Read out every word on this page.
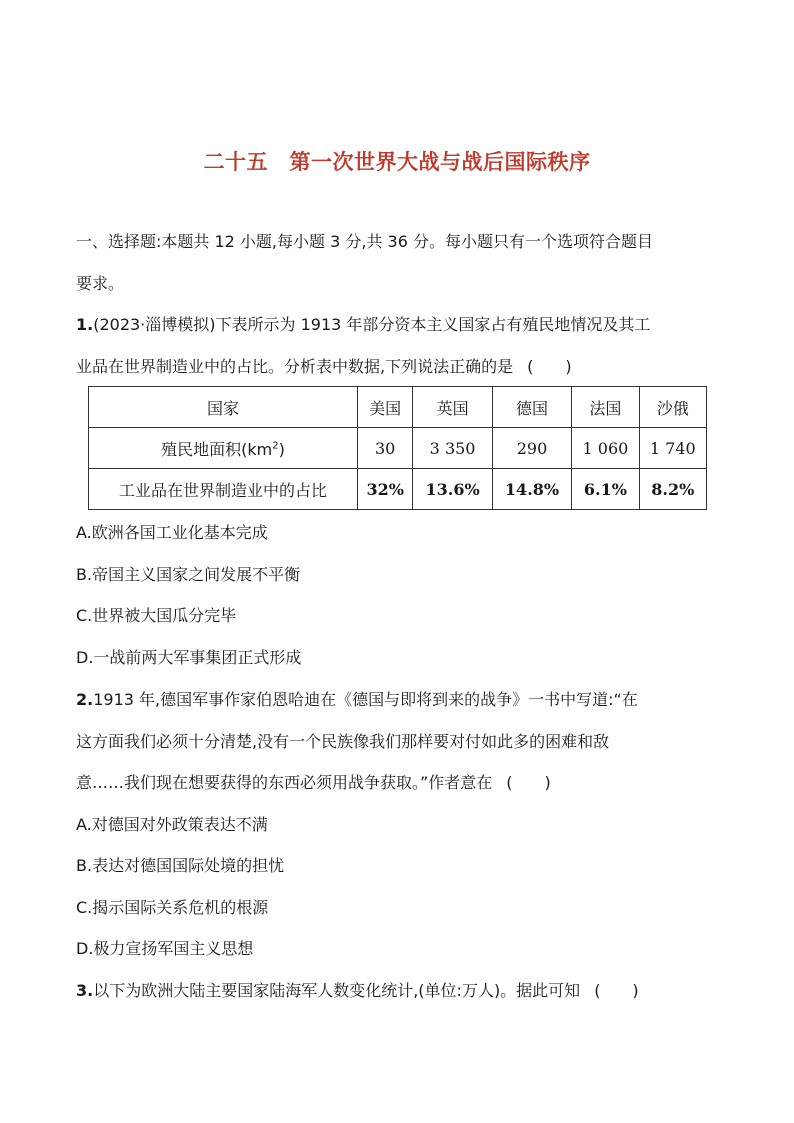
二十五　第一次世界大战与战后国际秩序
一、选择题:本题共 12 小题,每小题 3 分,共 36 分。每小题只有一个选项符合题目
要求。
1.(2023·淄博模拟)下表所示为 1913 年部分资本主义国家占有殖民地情况及其工
业品在世界制造业中的占比。分析表中数据,下列说法正确的是 (　　)
国家	美国	英国	德国	法国	沙俄
殖民地面积$(km^2)$	30	3 350	290	1 060	1 740
工业品在世界制造业中的占比	32%	13.6%	14.8%	6.1%	8.2%
A.欧洲各国工业化基本完成
B.帝国主义国家之间发展不平衡
C.世界被大国瓜分完毕
D.一战前两大军事集团正式形成
2.1913 年,德国军事作家伯恩哈迪在《德国与即将到来的战争》一书中写道:“在
这方面我们必须十分清楚,没有一个民族像我们那样要对付如此多的困难和敌
意……我们现在想要获得的东西必须用战争获取。”作者意在 (　　)
A.对德国对外政策表达不满
B.表达对德国国际处境的担忧
C.揭示国际关系危机的根源
D.极力宣扬军国主义思想
3.以下为欧洲大陆主要国家陆海军人数变化统计,(单位:万人)。据此可知 (　　)
